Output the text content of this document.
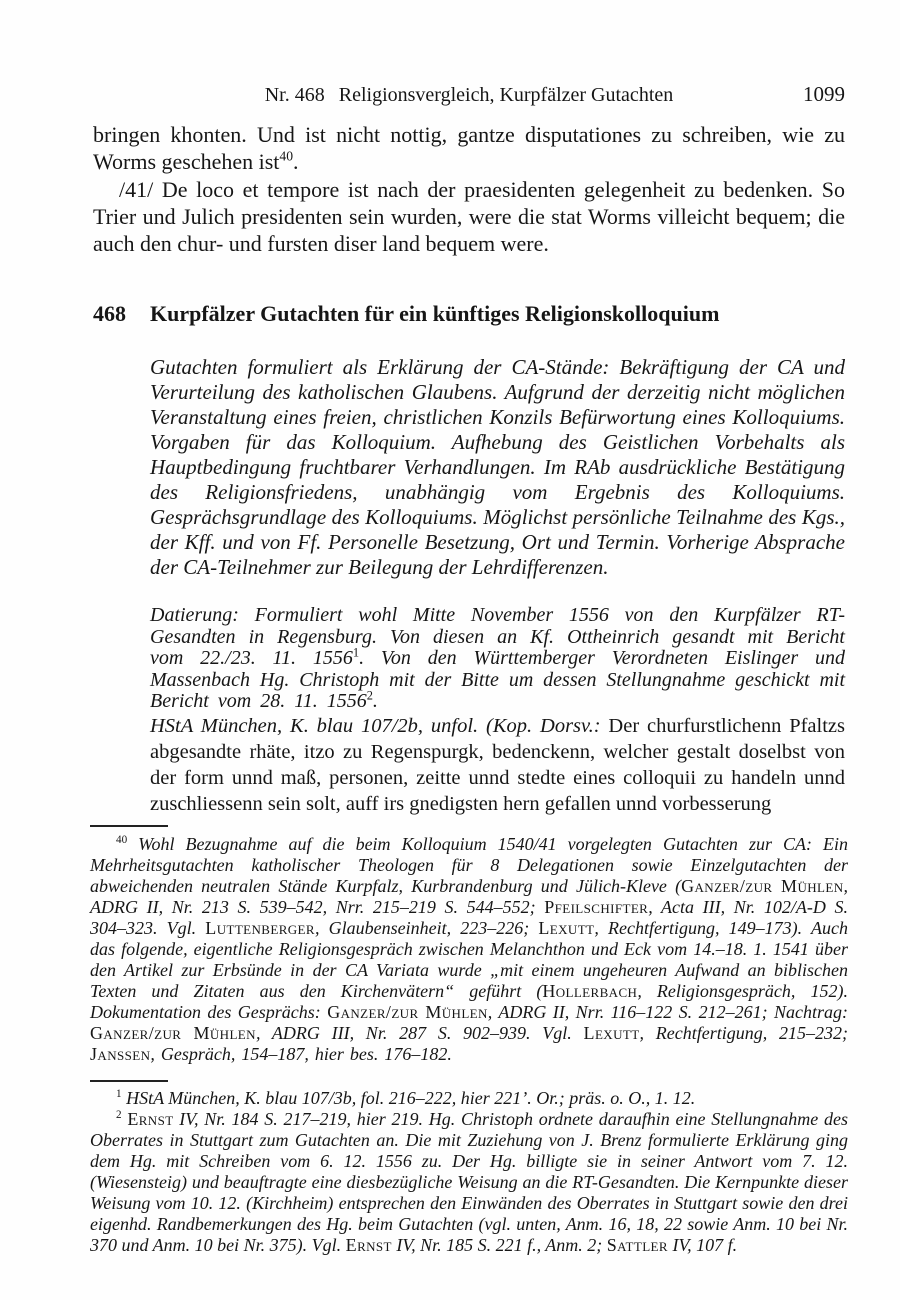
Nr. 468 Religionsvergleich, Kurpfälzer Gutachten	1099
bringen khonten. Und ist nicht nottig, gantze disputationes zu schreiben, wie zu Worms geschehen ist$^{40}$.
/41/ De loco et tempore ist nach der praesidenten gelegenheit zu bedenken. So Trier und Julich presidenten sein wurden, were die stat Worms villeicht bequem; die auch den chur- und fursten diser land bequem were.
468	Kurpfälzer Gutachten für ein künftiges Religionskolloquium
Gutachten formuliert als Erklärung der CA-Stände: Bekräftigung der CA und Verurteilung des katholischen Glaubens. Aufgrund der derzeitig nicht möglichen Veranstaltung eines freien, christlichen Konzils Befürwortung eines Kolloquiums. Vorgaben für das Kolloquium. Aufhebung des Geistlichen Vorbehalts als Hauptbedingung fruchtbarer Verhandlungen. Im RAb ausdrückliche Bestätigung des Religionsfriedens, unabhängig vom Ergebnis des Kolloquiums. Gesprächsgrundlage des Kolloquiums. Möglichst persönliche Teilnahme des Kgs., der Kff. und von Ff. Personelle Besetzung, Ort und Termin. Vorherige Absprache der CA-Teilnehmer zur Beilegung der Lehrdifferenzen.
Datierung: Formuliert wohl Mitte November 1556 von den Kurpfälzer RT-Gesandten in Regensburg. Von diesen an Kf. Ottheinrich gesandt mit Bericht vom 22./23. 11. 1556$^1$. Von den Württemberger Verordneten Eislinger und Massenbach Hg. Christoph mit der Bitte um dessen Stellungnahme geschickt mit Bericht vom 28. 11. 1556$^2$.
HStA München, K. blau 107/2b, unfol. (Kop. Dorsv.: Der churfurstlichenn Pfaltzs abgesandte rhäte, itzo zu Regenspurgk, bedenckenn, welcher gestalt doselbst von der form unnd maß, personen, zeitte unnd stedte eines colloquii zu handeln unnd zuschliessenn sein solt, auff irs gnedigsten hern gefallen unnd vorbesserung

$^{40}$ Wohl Bezugnahme auf die beim Kolloquium 1540/41 vorgelegten Gutachten zur CA: Ein Mehrheitsgutachten katholischer Theologen für 8 Delegationen sowie Einzelgutachten der abweichenden neutralen Stände Kurpfalz, Kurbrandenburg und Jülich-Kleve (Ganzer/zur Mühlen, ADRG II, Nr. 213 S. 539–542, Nrr. 215–219 S. 544–552; Pfeilschifter, Acta III, Nr. 102/A-D S. 304–323. Vgl. Luttenberger, Glaubenseinheit, 223–226; Lexutt, Rechtfertigung, 149–173). Auch das folgende, eigentliche Religionsgespräch zwischen Melanchthon und Eck vom 14.–18. 1. 1541 über den Artikel zur Erbsünde in der CA Variata wurde „mit einem ungeheuren Aufwand an biblischen Texten und Zitaten aus den Kirchenvätern“ geführt (Hollerbach, Religionsgespräch, 152). Dokumentation des Gesprächs: Ganzer/zur Mühlen, ADRG II, Nrr. 116–122 S. 212–261; Nachtrag: Ganzer/zur Mühlen, ADRG III, Nr. 287 S. 902–939. Vgl. Lexutt, Rechtfertigung, 215–232; Janssen, Gespräch, 154–187, hier bes. 176–182.

$^1$ HStA München, K. blau 107/3b, fol. 216–222, hier 221’. Or.; präs. o. O., 1. 12.

$^2$ Ernst IV, Nr. 184 S. 217–219, hier 219. Hg. Christoph ordnete daraufhin eine Stellungnahme des Oberrates in Stuttgart zum Gutachten an. Die mit Zuziehung von J. Brenz formulierte Erklärung ging dem Hg. mit Schreiben vom 6. 12. 1556 zu. Der Hg. billigte sie in seiner Antwort vom 7. 12. (Wiesensteig) und beauftragte eine diesbezügliche Weisung an die RT-Gesandten. Die Kernpunkte dieser Weisung vom 10. 12. (Kirchheim) entsprechen den Einwänden des Oberrates in Stuttgart sowie den drei eigenhd. Randbemerkungen des Hg. beim Gutachten (vgl. unten, Anm. 16, 18, 22 sowie Anm. 10 bei Nr. 370 und Anm. 10 bei Nr. 375). Vgl. Ernst IV, Nr. 185 S. 221 f., Anm. 2; Sattler IV, 107 f.
